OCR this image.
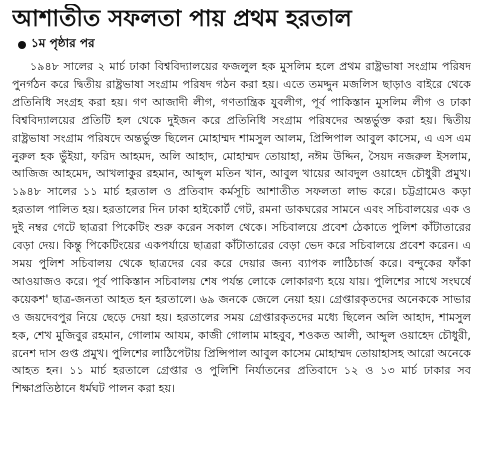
আশাতীত সফলতা পায় প্রথম হরতাল
১ম পৃষ্ঠার পর

১৯৪৮ সালের ২ মার্চ ঢাকা বিশ্ববিদ্যালয়ের ফজলুল হক মুসলিম হলে প্রথম রাষ্ট্রভাষা সংগ্রাম পরিষদ পুনর্গঠন করে দ্বিতীয় রাষ্ট্রভাষা সংগ্রাম পরিষদ গঠন করা হয়। এতে তমদ্দুন মজলিস ছাড়াও বাইরে থেকে প্রতিনিধি সংগ্রহ করা হয়। গণ আজাদী লীগ, গণতান্ত্রিক যুবলীগ, পূর্ব পাকিস্তান মুসলিম লীগ ও ঢাকা বিশ্ববিদ্যালয়ের প্রতিটি হল থেকে দুইজন করে প্রতিনিধি সংগ্রাম পরিষদের অন্তর্ভুক্ত করা হয়। দ্বিতীয় রাষ্ট্রভাষা সংগ্রাম পরিষদে অন্তর্ভুক্ত ছিলেন মোহাম্মদ শামসুল আলম, প্রিন্সিপাল আবুল কাসেম, এ এস এম নুরুল হক ভুঁইয়া, ফরিদ আহমদ, অলি আহাদ, মোহাম্মদ তোয়াহা, নঈম উদ্দিন, সৈয়দ নজরুল ইসলাম, আজিজ আহমেদ, আখলাকুর রহমান, আব্দুল মতিন খান, আবুল খায়ের আবদুল ওয়াহেদ চৌধুরী প্রমুখ। ১৯৪৮ সালের ১১ মার্চ হরতাল ও প্রতিবাদ কর্মসূচি আশাতীত সফলতা লাভ করে। চট্টগ্রামেও কড়া হরতাল পালিত হয়। হরতালের দিন ঢাকা হাইকোর্ট গেট, রমনা ডাকঘরের সামনে এবং সচিবালয়ের এক ও দুই নম্বর গেটে ছাত্ররা পিকেটিং শুরু করেন সকাল থেকে। সচিবালয়ে প্রবেশ ঠেকাতে পুলিশ কাঁটাতারের বেড়া দেয়। কিন্তু পিকেটিংয়ের একপর্যায়ে ছাত্ররা কাঁটাতারের বেড়া ভেদ করে সচিবালয়ে প্রবেশ করেন। এ সময় পুলিশ সচিবালয় থেকে ছাত্রদের বের করে দেয়ার জন্য ব্যাপক লাঠিচার্জ করে। বন্দুকের ফাঁকা আওয়াজও করে। পূর্ব পাকিস্তান সচিবালয় শেষ পর্যন্ত লোকে লোকারণ্য হয়ে যায়। পুলিশের সাথে সংঘর্ষে কয়েকশ' ছাত্র-জনতা আহত হন হরতালে। ৬৯ জনকে জেলে নেয়া হয়। গ্রেপ্তারকৃতদের অনেককে সাভার ও জয়দেবপুর নিয়ে ছেড়ে দেয়া হয়। হরতালের সময় গ্রেপ্তারকৃতদের মধ্যে ছিলেন অলি আহাদ, শামসুল হক, শেখ মুজিবুর রহমান, গোলাম আযম, কাজী গোলাম মাহবুব, শওকত আলী, আব্দুল ওয়াহেদ চৌধুরী, রনেশ দাস গুপ্ত প্রমুখ। পুলিশের লাঠিপেটায় প্রিন্সিপাল আবুল কাসেম মোহাম্মদ তোয়াহাসহ আরো অনেকে আহত হন। ১১ মার্চ হরতালে গ্রেপ্তার ও পুলিশি নির্যাতনের প্রতিবাদে ১২ ও ১৩ মার্চ ঢাকার সব শিক্ষাপ্রতিষ্ঠানে ধর্মঘট পালন করা হয়।
